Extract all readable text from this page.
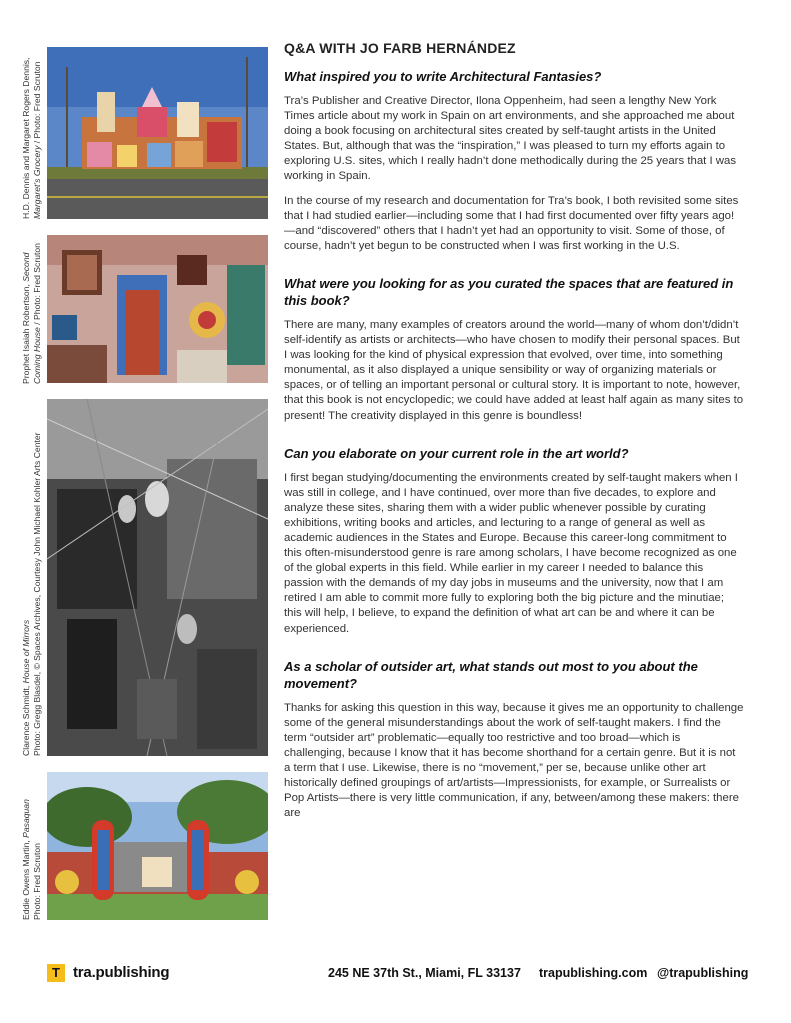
H.D. Dennis and Margaret Rogers Dennis, Margaret’s Grocery / Photo: Fred Scruton
Prophet Isaiah Robertson, Second
Coming House / Photo: Fred Scruton
Clarence Schmidt, House of Mirrors Photo: Gregg Blasdel, © Spaces Archives, Courtesy John Michael Kohler Arts Center
Eddie Owens Martin, Pasaquan
Photo: Fred Scruton
Q&A WITH JO FARB HERNÁNDEZ
What inspired you to write Architectural Fantasies?
Tra’s Publisher and Creative Director, Ilona Oppenheim, had seen a lengthy New York Times article about my work in Spain on art environments, and she approached me about doing a book focusing on architectural sites created by self-taught artists in the United States. But, although that was the “inspiration,” I was pleased to turn my efforts again to exploring U.S. sites, which I really hadn’t done methodically during the 25 years that I was working in Spain.
In the course of my research and documentation for Tra’s book, I both revisited some sites that I had studied earlier—including some that I had first documented over fifty years ago!—and “discovered” others that I hadn’t yet had an opportunity to visit. Some of those, of course, hadn’t yet begun to be constructed when I was first working in the U.S.
What were you looking for as you curated the spaces that are featured in this book?
There are many, many examples of creators around the world—many of whom don’t/didn’t self-identify as artists or architects—who have chosen to modify their personal spaces. But I was looking for the kind of physical expression that evolved, over time, into something monumental, as it also displayed a unique sensibility or way of organizing materials or spaces, or of telling an important personal or cultural story. It is important to note, however, that this book is not encyclopedic; we could have added at least half again as many sites to present! The creativity displayed in this genre is boundless!
Can you elaborate on your current role in the art world?
I first began studying/documenting the environments created by self-taught makers when I was still in college, and I have continued, over more than five decades, to explore and analyze these sites, sharing them with a wider public whenever possible by curating exhibitions, writing books and articles, and lecturing to a range of general as well as academic audiences in the States and Europe. Because this career-long commitment to this often-misunderstood genre is rare among scholars, I have become recognized as one of the global experts in this field. While earlier in my career I needed to balance this passion with the demands of my day jobs in museums and the university, now that I am retired I am able to commit more fully to exploring both the big picture and the minutiae; this will help, I believe, to expand the definition of what art can be and where it can be experienced.
As a scholar of outsider art, what stands out most to you about the movement?
Thanks for asking this question in this way, because it gives me an opportunity to challenge some of the general misunderstandings about the work of self-taught makers. I find the term “outsider art” problematic—equally too restrictive and too broad—which is challenging, because I know that it has become shorthand for a certain genre. But it is not a term that I use. Likewise, there is no “movement,” per se, because unlike other art historically defined groupings of art/artists—Impressionists, for example, or Surrealists or Pop Artists—there is very little communication, if any, between/among these makers: there are
T tra.publishing	245 NE 37th St., Miami, FL 33137 trapublishing.com @trapublishing
